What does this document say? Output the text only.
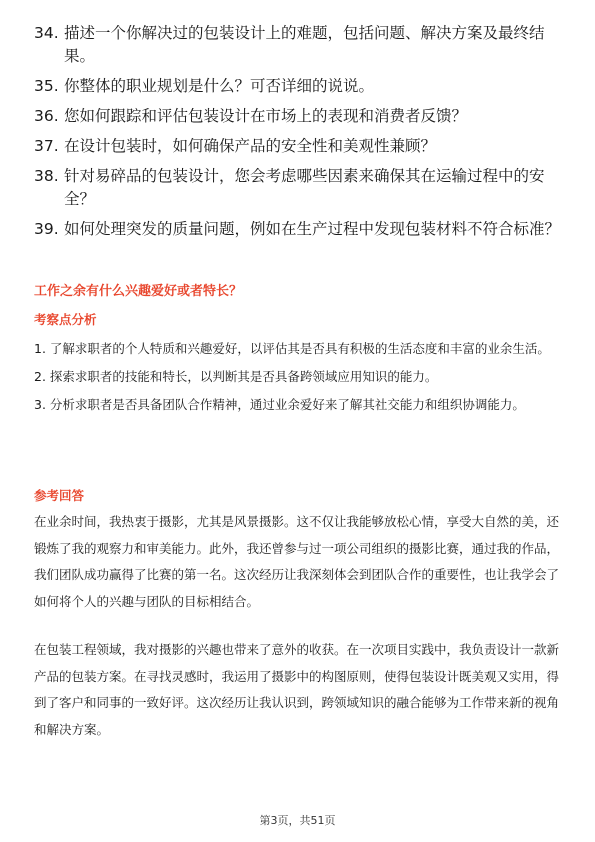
34. 描述一个你解决过的包装设计上的难题，包括问题、解决方案及最终结果。
35. 你整体的职业规划是什么？可否详细的说说。
36. 您如何跟踪和评估包装设计在市场上的表现和消费者反馈？
37. 在设计包装时，如何确保产品的安全性和美观性兼顾？
38. 针对易碎品的包装设计，您会考虑哪些因素来确保其在运输过程中的安全？
39. 如何处理突发的质量问题，例如在生产过程中发现包装材料不符合标准？
工作之余有什么兴趣爱好或者特长？
考察点分析
1. 了解求职者的个人特质和兴趣爱好，以评估其是否具有积极的生活态度和丰富的业余生活。
2. 探索求职者的技能和特长，以判断其是否具备跨领域应用知识的能力。
3. 分析求职者是否具备团队合作精神，通过业余爱好来了解其社交能力和组织协调能力。
参考回答

在业余时间，我热衷于摄影，尤其是风景摄影。这不仅让我能够放松心情，享受大自然的美，还锻炼了我的观察力和审美能力。此外，我还曾参与过一项公司组织的摄影比赛，通过我的作品，我们团队成功赢得了比赛的第一名。这次经历让我深刻体会到团队合作的重要性，也让我学会了如何将个人的兴趣与团队的目标相结合。

在包装工程领域，我对摄影的兴趣也带来了意外的收获。在一次项目实践中，我负责设计一款新产品的包装方案。在寻找灵感时，我运用了摄影中的构图原则，使得包装设计既美观又实用，得到了客户和同事的一致好评。这次经历让我认识到，跨领域知识的融合能够为工作带来新的视角和解决方案。

第3页，共51页
